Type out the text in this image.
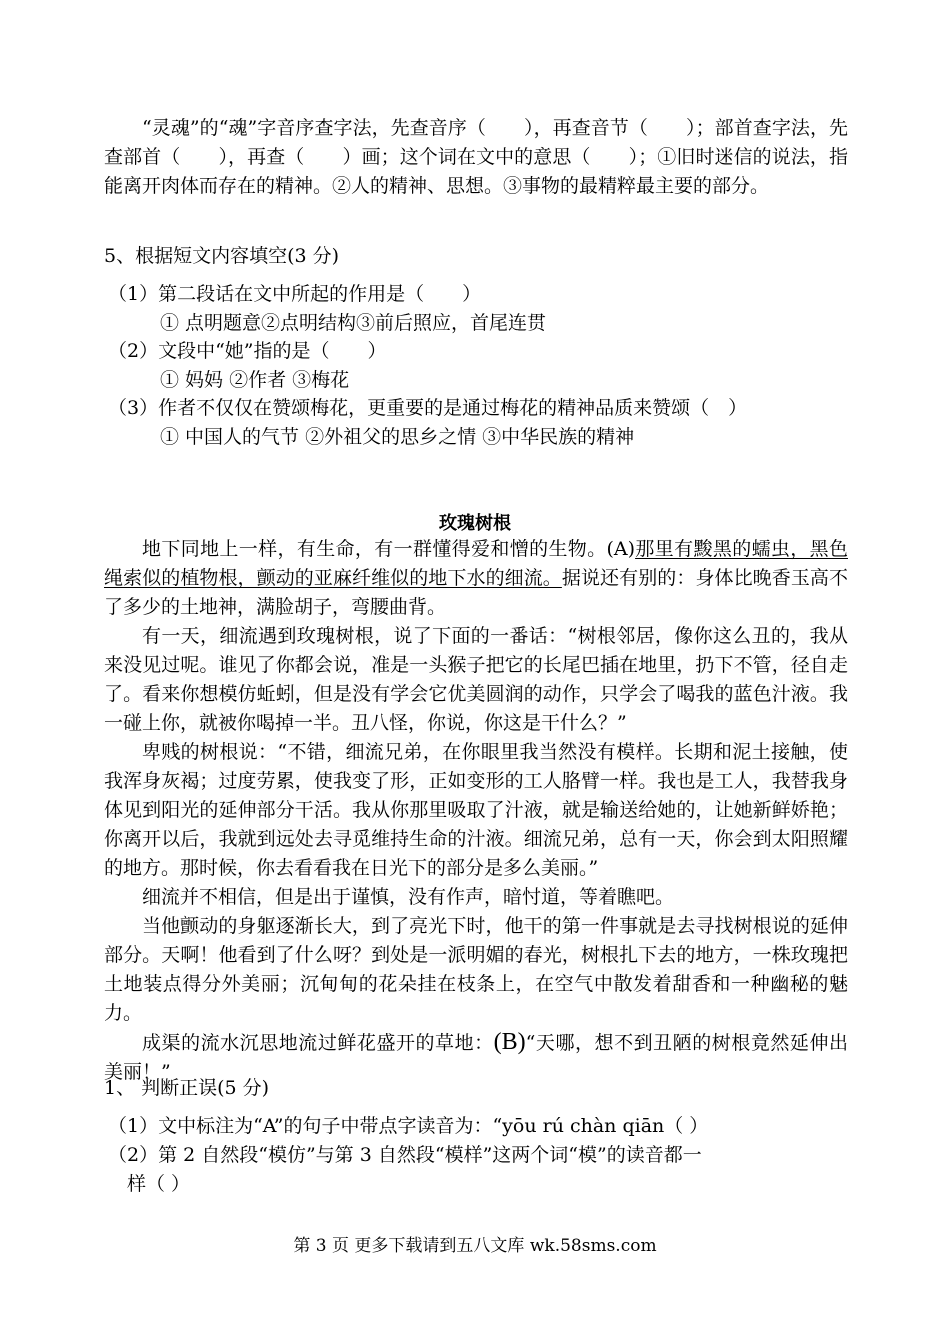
“灵魂”的“魂”字音序查字法，先查音序（　　），再查音节（　　）；部首查字法，先查部首（　　），再查（　　）画；这个词在文中的意思（　　）；①旧时迷信的说法，指能离开肉体而存在的精神。②人的精神、思想。③事物的最精粹最主要的部分。
5、根据短文内容填空(3 分)
（1）第二段话在文中所起的作用是（　　）
① 点明题意②点明结构③前后照应，首尾连贯
（2）文段中“她”指的是（　　）
① 妈妈 ②作者 ③梅花
（3）作者不仅仅在赞颂梅花，更重要的是通过梅花的精神品质来赞颂（　）
① 中国人的气节 ②外祖父的思乡之情 ③中华民族的精神
玫瑰树根
地下同地上一样，有生命，有一群懂得爱和憎的生物。(A)那里有黢黑的蠕虫，黑色绳索似的植物根，颤动的亚麻纤维似的地下水的细流。据说还有别的：身体比晚香玉高不了多少的土地神，满脸胡子，弯腰曲背。
有一天，细流遇到玫瑰树根，说了下面的一番话：“树根邻居，像你这么丑的，我从来没见过呢。谁见了你都会说，准是一头猴子把它的长尾巴插在地里，扔下不管，径自走了。看来你想模仿蚯蚓，但是没有学会它优美圆润的动作，只学会了喝我的蓝色汁液。我一碰上你，就被你喝掉一半。丑八怪，你说，你这是干什么？”
卑贱的树根说：“不错，细流兄弟，在你眼里我当然没有模样。长期和泥土接触，使我浑身灰褐；过度劳累，使我变了形，正如变形的工人胳臂一样。我也是工人，我替我身体见到阳光的延伸部分干活。我从你那里吸取了汁液，就是输送给她的，让她新鲜娇艳；你离开以后，我就到远处去寻觅维持生命的汁液。细流兄弟，总有一天，你会到太阳照耀的地方。那时候，你去看看我在日光下的部分是多么美丽。”
细流并不相信，但是出于谨慎，没有作声，暗忖道，等着瞧吧。
当他颤动的身躯逐渐长大，到了亮光下时，他干的第一件事就是去寻找树根说的延伸部分。天啊！他看到了什么呀？到处是一派明媚的春光，树根扎下去的地方，一株玫瑰把土地装点得分外美丽；沉甸甸的花朵挂在枝条上，在空气中散发着甜香和一种幽秘的魅力。
成渠的流水沉思地流过鲜花盛开的草地：(B)“天哪，想不到丑陋的树根竟然延伸出美丽！”
1、 判断正误(5 分)
（1）文中标注为“A”的句子中带点字读音为：“yōu rú chàn qiān（ ）
（2）第 2 自然段“模仿”与第 3 自然段“模样”这两个词“模”的读音都一
样（ ）
第 3 页 更多下载请到五八文库 wk.58sms.com
